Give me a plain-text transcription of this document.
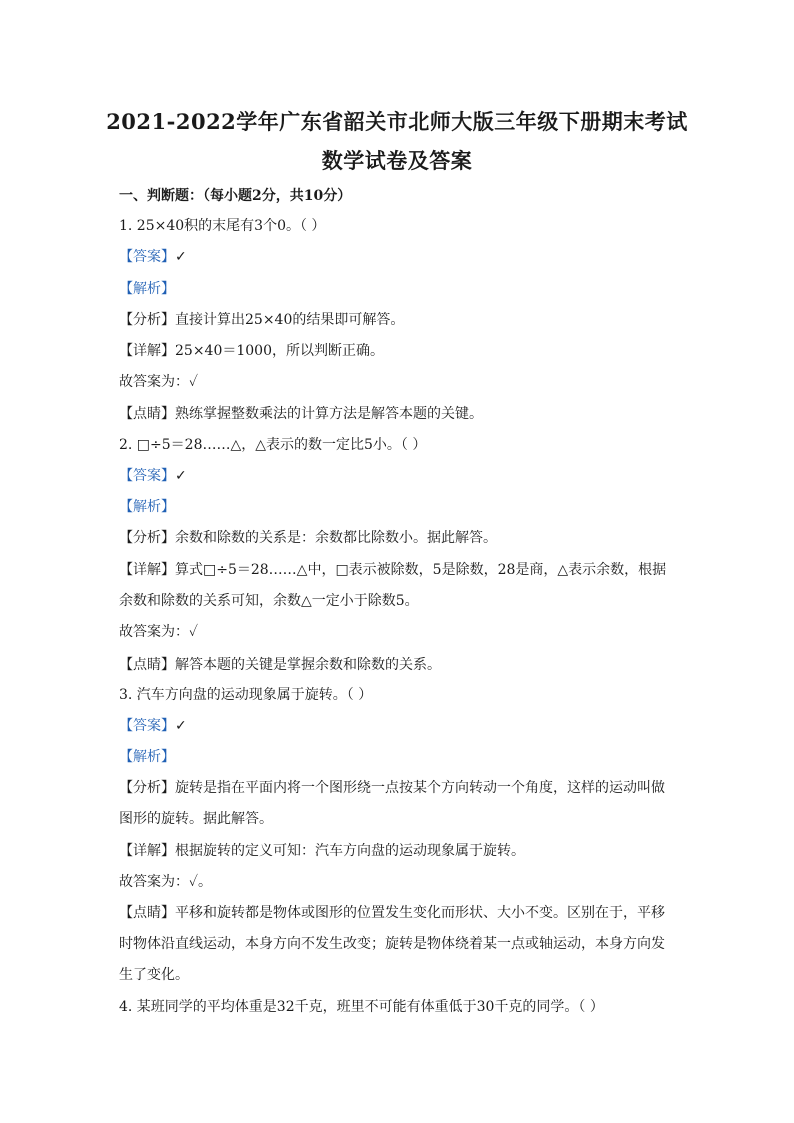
2021-2022学年广东省韶关市北师大版三年级下册期末考试
数学试卷及答案
一、判断题：（每小题2分，共10分）
1. 25×40积的末尾有3个0。（ ）
【答案】✓
【解析】
【分析】直接计算出25×40的结果即可解答。
【详解】25×40＝1000，所以判断正确。
故答案为：✓
【点睛】熟练掌握整数乘法的计算方法是解答本题的关键。
2. □÷5＝28……△，△表示的数一定比5小。（ ）
【答案】✓
【解析】
【分析】余数和除数的关系是：余数都比除数小。据此解答。
【详解】算式□÷5＝28……△中，□表示被除数，5是除数，28是商，△表示余数，根据
余数和除数的关系可知，余数△一定小于除数5。
故答案为：✓
【点睛】解答本题的关键是掌握余数和除数的关系。
3. 汽车方向盘的运动现象属于旋转。（ ）
【答案】✓
【解析】
【分析】旋转是指在平面内将一个图形绕一点按某个方向转动一个角度，这样的运动叫做
图形的旋转。据此解答。
【详解】根据旋转的定义可知：汽车方向盘的运动现象属于旋转。
故答案为：✓。
【点睛】平移和旋转都是物体或图形的位置发生变化而形状、大小不变。区别在于，平移
时物体沿直线运动，本身方向不发生改变；旋转是物体绕着某一点或轴运动，本身方向发
生了变化。
4. 某班同学的平均体重是32千克，班里不可能有体重低于30千克的同学。（ ）
